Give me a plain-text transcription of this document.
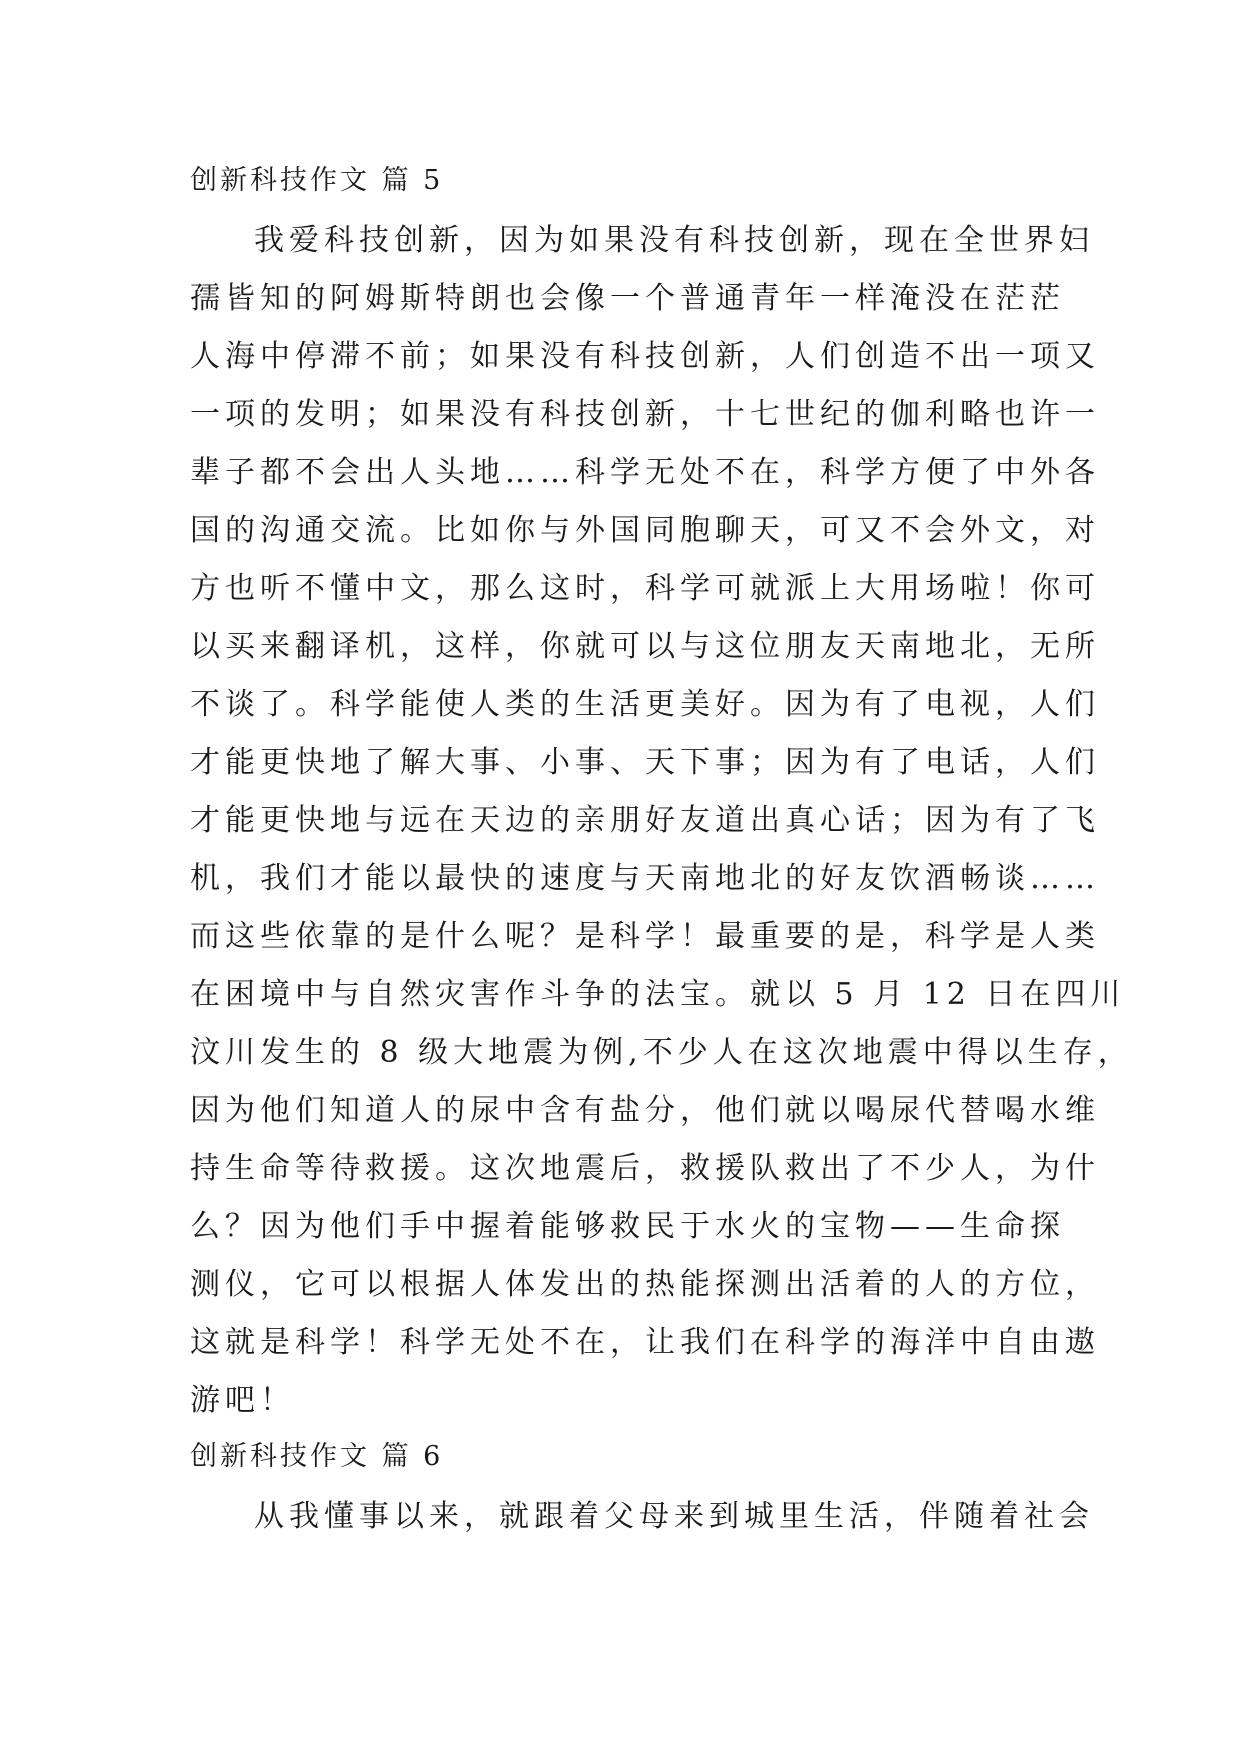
创新科技作文 篇 5
我爱科技创新，因为如果没有科技创新，现在全世界妇
孺皆知的阿姆斯特朗也会像一个普通青年一样淹没在茫茫
人海中停滞不前；如果没有科技创新，人们创造不出一项又
一项的发明；如果没有科技创新，十七世纪的伽利略也许一
辈子都不会出人头地……科学无处不在，科学方便了中外各
国的沟通交流。比如你与外国同胞聊天，可又不会外文，对
方也听不懂中文，那么这时，科学可就派上大用场啦！你可
以买来翻译机，这样，你就可以与这位朋友天南地北，无所
不谈了。科学能使人类的生活更美好。因为有了电视，人们
才能更快地了解大事、小事、天下事；因为有了电话，人们
才能更快地与远在天边的亲朋好友道出真心话；因为有了飞
机，我们才能以最快的速度与天南地北的好友饮酒畅谈……
而这些依靠的是什么呢？是科学！最重要的是，科学是人类
在困境中与自然灾害作斗争的法宝。就以 5 月 12 日在四川
汶川发生的 8 级大地震为例,不少人在这次地震中得以生存，
因为他们知道人的尿中含有盐分，他们就以喝尿代替喝水维
持生命等待救援。这次地震后，救援队救出了不少人，为什
么？因为他们手中握着能够救民于水火的宝物——生命探
测仪，它可以根据人体发出的热能探测出活着的人的方位，
这就是科学！科学无处不在，让我们在科学的海洋中自由遨
游吧！
创新科技作文 篇 6
从我懂事以来，就跟着父母来到城里生活，伴随着社会
